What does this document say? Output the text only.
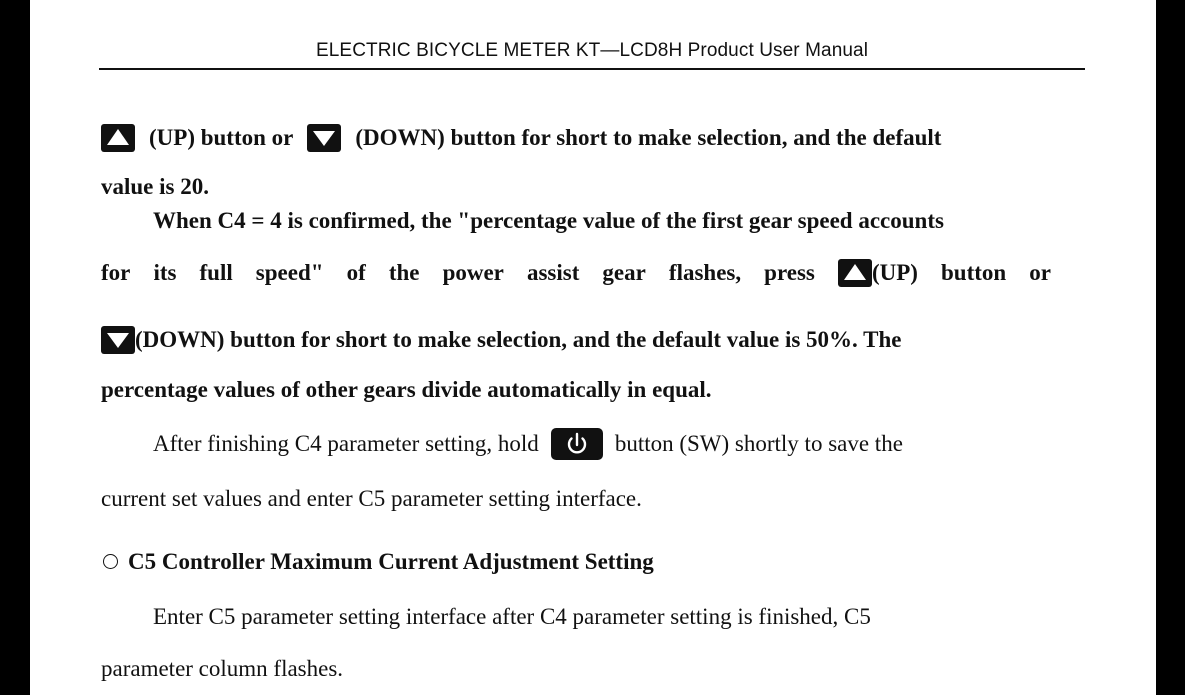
ELECTRIC BICYCLE METER KT—LCD8H Product User Manual
(UP) button or	(DOWN) button for short to make selection, and the default
value is 20.
When C4 = 4 is confirmed, the "percentage value of the first gear speed accounts
for its full speed" of the power assist gear flashes, press (UP) button or
(DOWN) button for short to make selection, and the default value is 50%. The
percentage values of other gears divide automatically in equal.
After finishing C4 parameter setting, hold	button (SW) shortly to save the
current set values and enter C5 parameter setting interface.
C5 Controller Maximum Current Adjustment Setting
Enter C5 parameter setting interface after C4 parameter setting is finished, C5
parameter column flashes.
